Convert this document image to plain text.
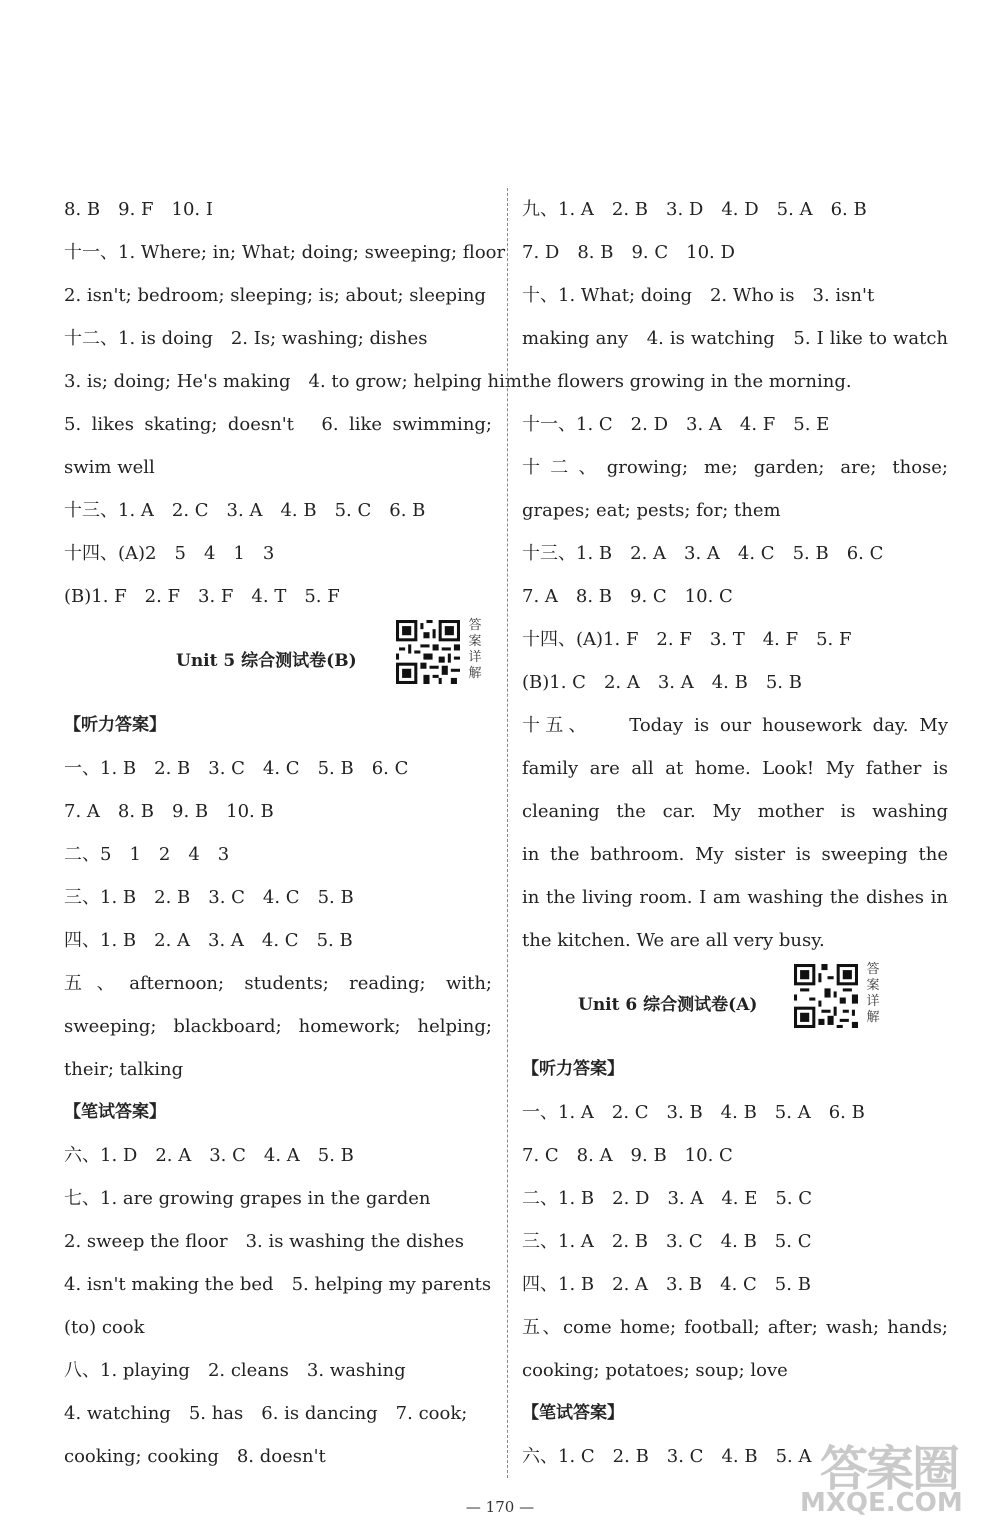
8. B　9. F　10. I
十一、1. Where; in; What; doing; sweeping; floor
2. isn't; bedroom; sleeping; is; about; sleeping
十二、1. is doing　2. Is; washing; dishes
3. is; doing; He's making　4. to grow; helping him
5. likes skating; doesn't　6. like swimming;
swim well
十三、1. A　2. C　3. A　4. B　5. C　6. B
十四、(A)2　5　4　1　3
(B)1. F　2. F　3. F　4. T　5. F
Unit 5 综合测试卷(B)
答案详解
【听力答案】
一、1. B　2. B　3. C　4. C　5. B　6. C
7. A　8. B　9. B　10. B
二、5　1　2　4　3
三、1. B　2. B　3. C　4. C　5. B
四、1. B　2. A　3. A　4. C　5. B
五、afternoon; students; reading; with;
sweeping; blackboard; homework; helping;
their; talking
【笔试答案】
六、1. D　2. A　3. C　4. A　5. B
七、1. are growing grapes in the garden
2. sweep the floor　3. is washing the dishes
4. isn't making the bed　5. helping my parents
(to) cook
八、1. playing　2. cleans　3. washing
4. watching　5. has　6. is dancing　7. cook;
cooking; cooking　8. doesn't
九、1. A　2. B　3. D　4. D　5. A　6. B
7. D　8. B　9. C　10. D
十、1. What; doing　2. Who is　3. isn't
making any　4. is watching　5. I like to watch
the flowers growing in the morning.
十一、1. C　2. D　3. A　4. F　5. E
十二、growing; me; garden; are; those;
grapes; eat; pests; for; them
十三、1. B　2. A　3. A　4. C　5. B　6. C
7. A　8. B　9. C　10. C
十四、(A)1. F　2. F　3. T　4. F　5. F
(B)1. C　2. A　3. A　4. B　5. B
十五、　　Today is our housework day. My
family are all at home. Look! My father is
cleaning the car. My mother is washing
in the bathroom. My sister is sweeping the
in the living room. I am washing the dishes in
the kitchen. We are all very busy.
Unit 6 综合测试卷(A)
答案详解
【听力答案】
一、1. A　2. C　3. B　4. B　5. A　6. B
7. C　8. A　9. B　10. C
二、1. B　2. D　3. A　4. E　5. C
三、1. A　2. B　3. C　4. B　5. C
四、1. B　2. A　3. B　4. C　5. B
五、come home; football; after; wash; hands;
cooking; potatoes; soup; love
【笔试答案】
六、1. C　2. B　3. C　4. B　5. A
— 170 —
答案圈
MXQE.COM
